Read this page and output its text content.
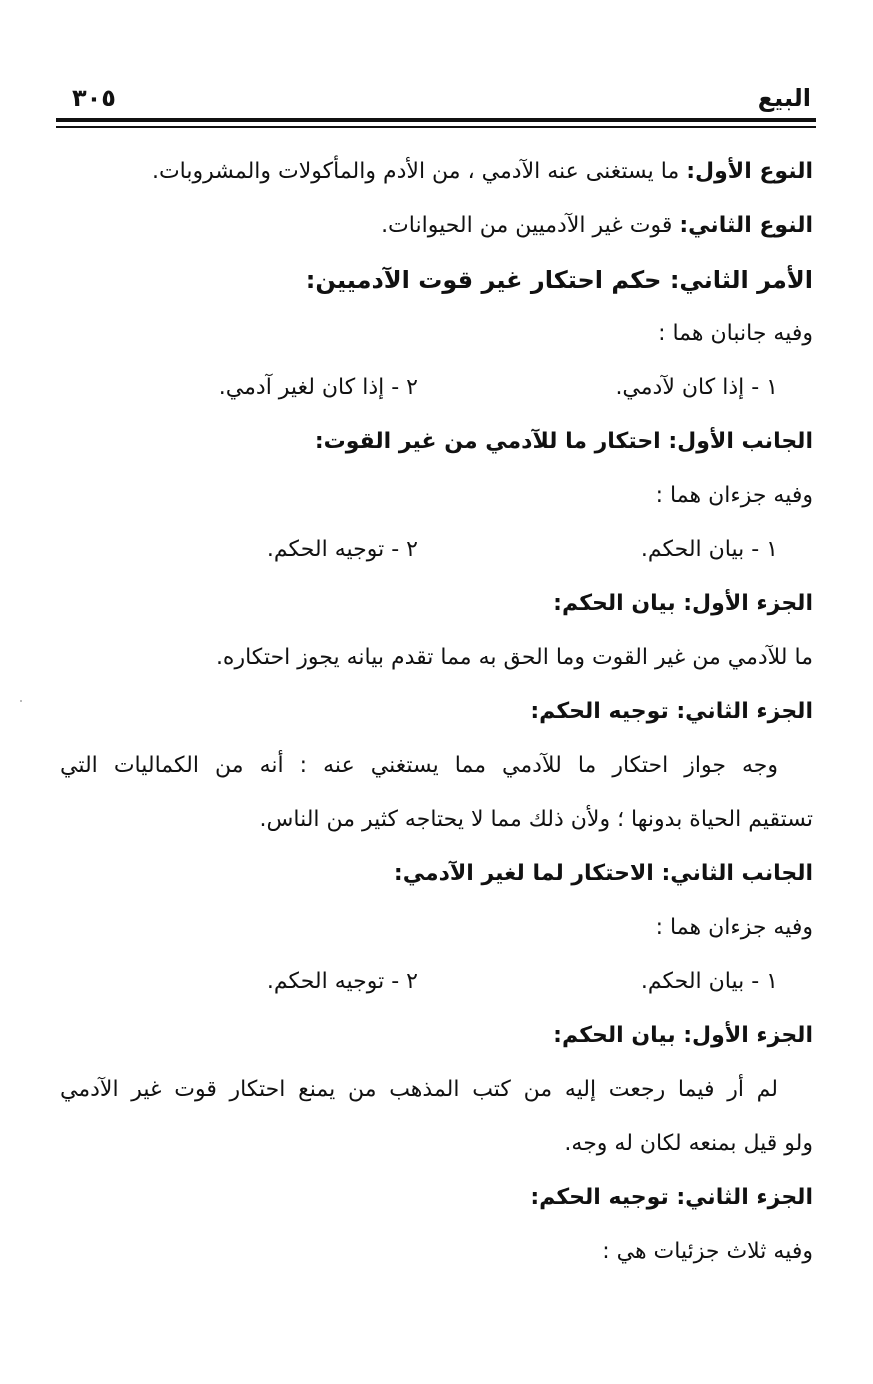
البيع
٣٠٥
النوع الأول: ما يستغنى عنه الآدمي ، من الأدم والمأكولات والمشروبات.
النوع الثاني: قوت غير الآدميين من الحيوانات.
الأمر الثاني: حكم احتكار غير قوت الآدميين:
وفيه جانبان هما :
١ - إذا كان لآدمي.
٢ - إذا كان لغير آدمي.
الجانب الأول: احتكار ما للآدمي من غير القوت:
وفيه جزءان هما :
١ - بيان الحكم.
٢ - توجيه الحكم.
الجزء الأول: بيان الحكم:
ما للآدمي من غير القوت وما الحق به مما تقدم بيانه يجوز احتكاره.
الجزء الثاني: توجيه الحكم:
وجه جواز احتكار ما للآدمي مما يستغني عنه : أنه من الكماليات التي
تستقيم الحياة بدونها ؛ ولأن ذلك مما لا يحتاجه كثير من الناس.
الجانب الثاني: الاحتكار لما لغير الآدمي:
وفيه جزءان هما :
١ - بيان الحكم.
٢ - توجيه الحكم.
الجزء الأول: بيان الحكم:
لم أر فيما رجعت إليه من كتب المذهب من يمنع احتكار قوت غير الآدمي
ولو قيل بمنعه لكان له وجه.
الجزء الثاني: توجيه الحكم:
وفيه ثلاث جزئيات هي :
